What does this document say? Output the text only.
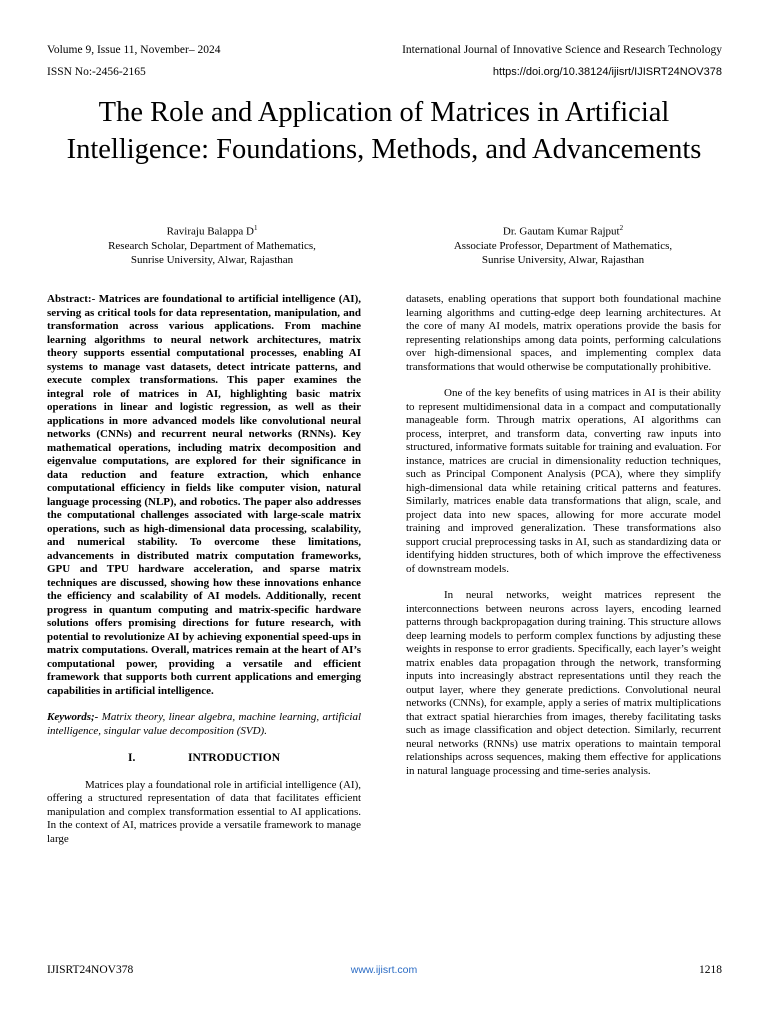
Volume 9, Issue 11, November– 2024	International Journal of Innovative Science and Research Technology
ISSN No:-2456-2165	https://doi.org/10.38124/ijisrt/IJISRT24NOV378
The Role and Application of Matrices in Artificial Intelligence: Foundations, Methods, and Advancements
Raviraju Balappa $D^1$
Research Scholar, Department of Mathematics,
Sunrise University, Alwar, Rajasthan
Dr. Gautam Kumar Rajput$^2$
Associate Professor, Department of Mathematics,
Sunrise University, Alwar, Rajasthan

Abstract:- Matrices are foundational to artificial intelligence (AI), serving as critical tools for data representation, manipulation, and transformation across various applications. From machine learning algorithms to neural network architectures, matrix theory supports essential computational processes, enabling AI systems to manage vast datasets, detect intricate patterns, and execute complex transformations. This paper examines the integral role of matrices in AI, highlighting basic matrix operations in linear and logistic regression, as well as their applications in more advanced models like convolutional neural networks (CNNs) and recurrent neural networks (RNNs). Key mathematical operations, including matrix decomposition and eigenvalue computations, are explored for their significance in data reduction and feature extraction, which enhance computational efficiency in fields like computer vision, natural language processing (NLP), and robotics. The paper also addresses the computational challenges associated with large-scale matrix operations, such as high-dimensional data processing, scalability, and numerical stability. To overcome these limitations, advancements in distributed matrix computation frameworks, GPU and TPU hardware acceleration, and sparse matrix techniques are discussed, showing how these innovations enhance the efficiency and scalability of AI models. Additionally, recent progress in quantum computing and matrix-specific hardware solutions offers promising directions for future research, with potential to revolutionize AI by achieving exponential speed-ups in matrix computations. Overall, matrices remain at the heart of AI’s computational power, providing a versatile and efficient framework that supports both current applications and emerging capabilities in artificial intelligence.

Keywords;- Matrix theory, linear algebra, machine learning, artificial intelligence, singular value decomposition (SVD).

I.	INTRODUCTION

Matrices play a foundational role in artificial intelligence (AI), offering a structured representation of data that facilitates efficient manipulation and complex transformation essential to AI applications. In the context of AI, matrices provide a versatile framework to manage large

datasets, enabling operations that support both foundational machine learning algorithms and cutting-edge deep learning architectures. At the core of many AI models, matrix operations provide the basis for representing relationships among data points, performing calculations over high-dimensional spaces, and implementing complex data transformations that would otherwise be computationally prohibitive.

One of the key benefits of using matrices in AI is their ability to represent multidimensional data in a compact and computationally manageable form. Through matrix operations, AI algorithms can process, interpret, and transform data, converting raw inputs into structured, informative formats suitable for training and evaluation. For instance, matrices are crucial in dimensionality reduction techniques, such as Principal Component Analysis (PCA), where they simplify high-dimensional data while retaining critical patterns and features. Similarly, matrices enable data transformations that align, scale, and project data into new spaces, allowing for more accurate model training and improved generalization. These transformations also support crucial preprocessing tasks in AI, such as standardizing data or identifying hidden structures, both of which improve the effectiveness of downstream models.

In neural networks, weight matrices represent the interconnections between neurons across layers, encoding learned patterns through backpropagation during training. This structure allows deep learning models to perform complex functions by adjusting these weights in response to error gradients. Specifically, each layer’s weight matrix enables data propagation through the network, transforming inputs into increasingly abstract representations until they reach the output layer, where they generate predictions. Convolutional neural networks (CNNs), for example, apply a series of matrix multiplications that extract spatial hierarchies from images, thereby facilitating tasks such as image classification and object detection. Similarly, recurrent neural networks (RNNs) use matrix operations to maintain temporal relationships across sequences, making them effective for applications in natural language processing and time-series analysis.

IJISRT24NOV378	www.ijisrt.com	1218
